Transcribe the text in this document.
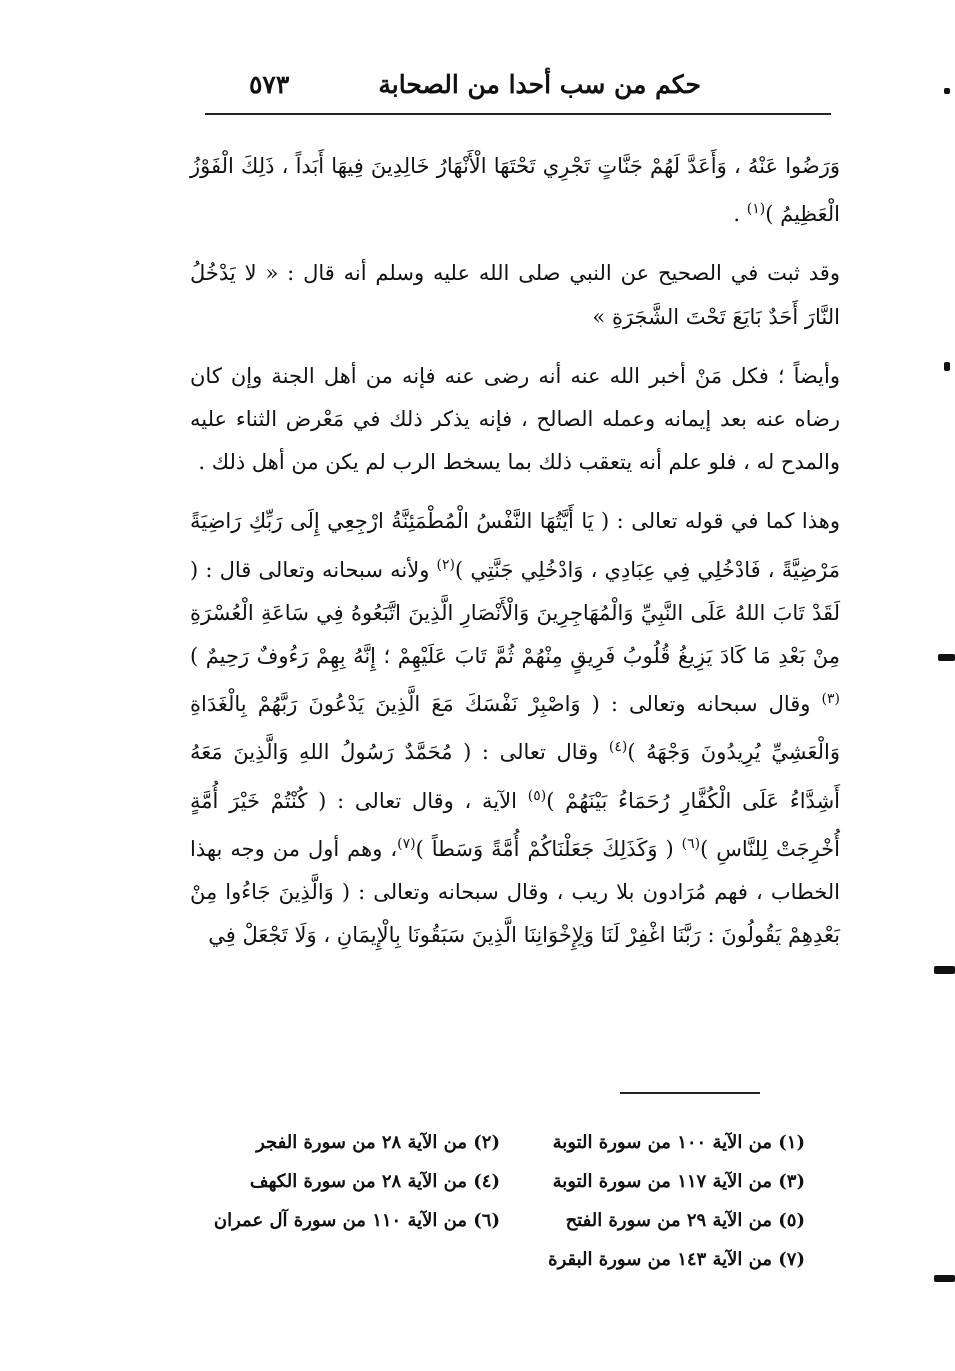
حكم من سب أحدا من الصحابة
٥٧٣

وَرَضُوا عَنْهُ ، وَأَعَدَّ لَهُمْ جَنَّاتٍ تَجْرِي تَحْتَهَا الْأَنْهَارُ خَالِدِينَ فِيهَا أَبَداً ، ذَلِكَ الْفَوْزُ الْعَظِيمُ )$^{(١)}$ .

وقد ثبت في الصحيح عن النبي صلى الله عليه وسلم أنه قال : « لا يَدْخُلُ النَّارَ أَحَدٌ بَايَعَ تَحْتَ الشَّجَرَةِ »

وأيضاً ؛ فكل مَنْ أخبر الله عنه أنه رضى عنه فإنه من أهل الجنة وإن كان رضاه عنه بعد إيمانه وعمله الصالح ، فإنه يذكر ذلك في مَعْرض الثناء عليه والمدح له ، فلو علم أنه يتعقب ذلك بما يسخط الرب لم يكن من أهل ذلك .

وهذا كما في قوله تعالى : ( يَا أَيَّتُهَا النَّفْسُ الْمُطْمَئِنَّةُ ارْجِعِي إِلَى رَبِّكِ رَاضِيَةً مَرْضِيَّةً ، فَادْخُلِي فِي عِبَادِي ، وَادْخُلِي جَنَّتِي )$^{(٢)}$ ولأنه سبحانه وتعالى قال : ( لَقَدْ تَابَ اللهُ عَلَى النَّبِيِّ وَالْمُهَاجِرِينَ وَالْأَنْصَارِ الَّذِينَ اتَّبَعُوهُ فِي سَاعَةِ الْعُسْرَةِ مِنْ بَعْدِ مَا كَادَ يَزِيغُ قُلُوبُ فَرِيقٍ مِنْهُمْ ثُمَّ تَابَ عَلَيْهِمْ ؛ إِنَّهُ بِهِمْ رَءُوفٌ رَحِيمٌ )$^{(٣)}$ وقال سبحانه وتعالى : ( وَاصْبِرْ نَفْسَكَ مَعَ الَّذِينَ يَدْعُونَ رَبَّهُمْ بِالْغَدَاةِ وَالْعَشِيِّ يُرِيدُونَ وَجْهَهُ )$^{(٤)}$ وقال تعالى : ( مُحَمَّدٌ رَسُولُ اللهِ وَالَّذِينَ مَعَهُ أَشِدَّاءُ عَلَى الْكُفَّارِ رُحَمَاءُ بَيْنَهُمْ )$^{(٥)}$ الآية ، وقال تعالى : ( كُنْتُمْ خَيْرَ أُمَّةٍ أُخْرِجَتْ لِلنَّاسِ )$^{(٦)}$ ( وَكَذَلِكَ جَعَلْنَاكُمْ أُمَّةً وَسَطاً )$^{(٧)}$، وهم أول من وجه بهذا الخطاب ، فهم مُرَادون بلا ريب ، وقال سبحانه وتعالى : ( وَالَّذِينَ جَاءُوا مِنْ بَعْدِهِمْ يَقُولُونَ : رَبَّنَا اغْفِرْ لَنَا وَلِإِخْوَانِنَا الَّذِينَ سَبَقُونَا بِالْإِيمَانِ ، وَلَا تَجْعَلْ فِي

(١) من الآية ١٠٠ من سورة التوبة
(٢) من الآية ٢٨ من سورة الفجر
(٣) من الآية ١١٧ من سورة التوبة
(٤) من الآية ٢٨ من سورة الكهف
(٥) من الآية ٢٩ من سورة الفتح
(٦) من الآية ١١٠ من سورة آل عمران
(٧) من الآية ١٤٣ من سورة البقرة
